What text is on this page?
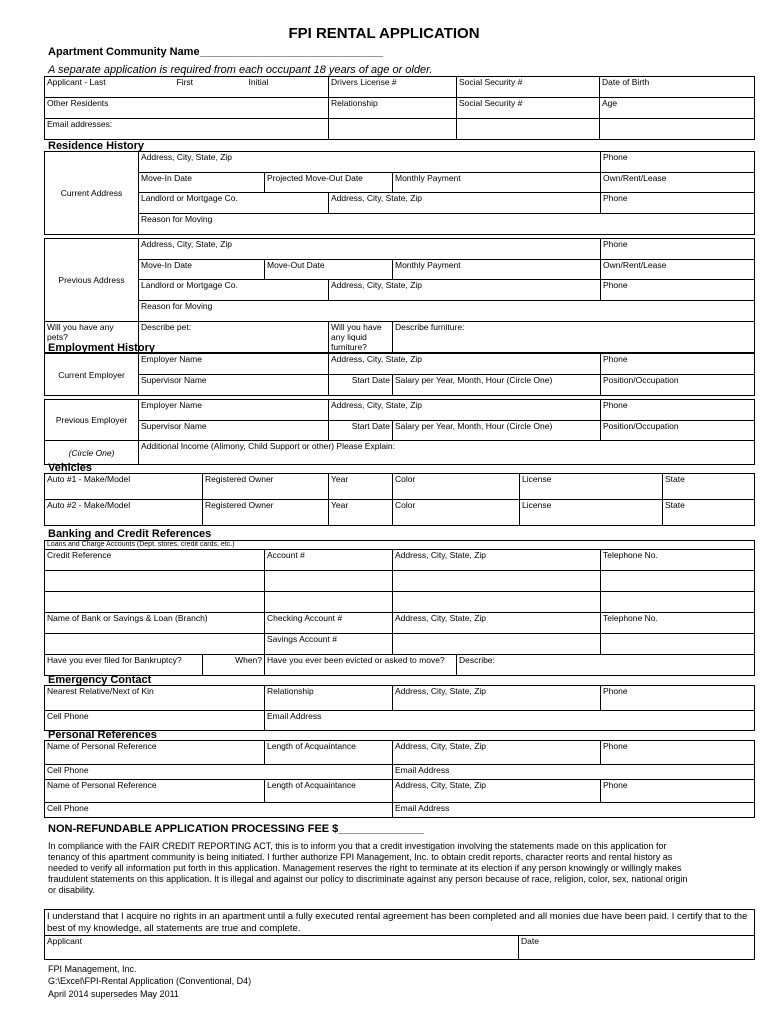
FPI RENTAL APPLICATION
Apartment Community Name______________________________
A separate application is required from each occupant 18 years of age or older.
Applicant - Last First Initial	Drivers License #	Social Security #	Date of Birth
Other Residents	Relationship	Social Security #	Age
Email addresses:			
Residence History
Current Address	Address, City, State, Zip				Phone
	Move-In Date	Projected Move-Out Date		Monthly Payment	Own/Rent/Lease
	Landlord or Mortgage Co.		Address, City, State, Zip		Phone
	Reason for Moving				

Previous Address	Address, City, State, Zip				Phone
	Move-In Date	Move-Out Date		Monthly Payment	Own/Rent/Lease
	Landlord or Mortgage Co.		Address, City, State, Zip		Phone
	Reason for Moving				
Will you have any pets?	Describe pet:		Will you have any liquid furniture?	Describe furniture:	
Employment History
Current Employer	Employer Name	Address, City, State, Zip		Phone
	Supervisor Name	Start Date	Salary per Year, Month, Hour (Circle One)	Position/Occupation

Previous Employer	Employer Name	Address, City, State, Zip		Phone
	Supervisor Name	Start Date	Salary per Year, Month, Hour (Circle One)	Position/Occupation
(Circle One)	Additional Income (Alimony, Child Support or other) Please Explain:			
Vehicles
Auto #1 - Make/Model	Registered Owner	Year	Color	License	State
Auto #2 - Make/Model	Registered Owner	Year	Color	License	State
Banking and Credit References
Loans and Charge Accounts (Dept. stores, credit cards, etc.)					
Credit Reference		Account #	Address, City, State, Zip		Telephone No.

Name of Bank or Savings & Loan (Branch)		Checking Account #	Address, City, State, Zip		Telephone No.
		Savings Account #			
Have you ever filed for Bankruptcy?	When?	Have you ever been evicted or asked to move?		Describe:	
Emergency Contact
Nearest Relative/Next of Kin	Relationship	Address, City, State, Zip	Phone
Cell Phone	Email Address		
Personal References
Name of Personal Reference	Length of Acquaintance	Address, City, State, Zip	Phone
Cell Phone		Email Address	
Name of Personal Reference	Length of Acquaintance	Address, City, State, Zip	Phone
Cell Phone		Email Address	
NON-REFUNDABLE APPLICATION PROCESSING FEE $______________
In compliance with the FAIR CREDIT REPORTING ACT, this is to inform you that a credit investigation involving the statements made on this application for tenancy of this apartment community is being initiated. I further authorize FPI Management, Inc. to obtain credit reports, character reorts and rental history as needed to verify all information put forth in this application. Management reserves the right to terminate at its election if any person knowingly or willingly makes fraudulent statements on this application. It is illegal and against our policy to discriminate against any person because of race, religion, color, sex, national origin or disability.
I understand that I acquire no rights in an apartment until a fully executed rental agreement has been completed and all monies due have been paid. I certify that to the best of my knowledge, all statements are true and complete.
Applicant	Date
FPI Management, Inc.
G:\Excel\FPI-Rental Application (Conventional, D4)
April 2014 supersedes May 2011
